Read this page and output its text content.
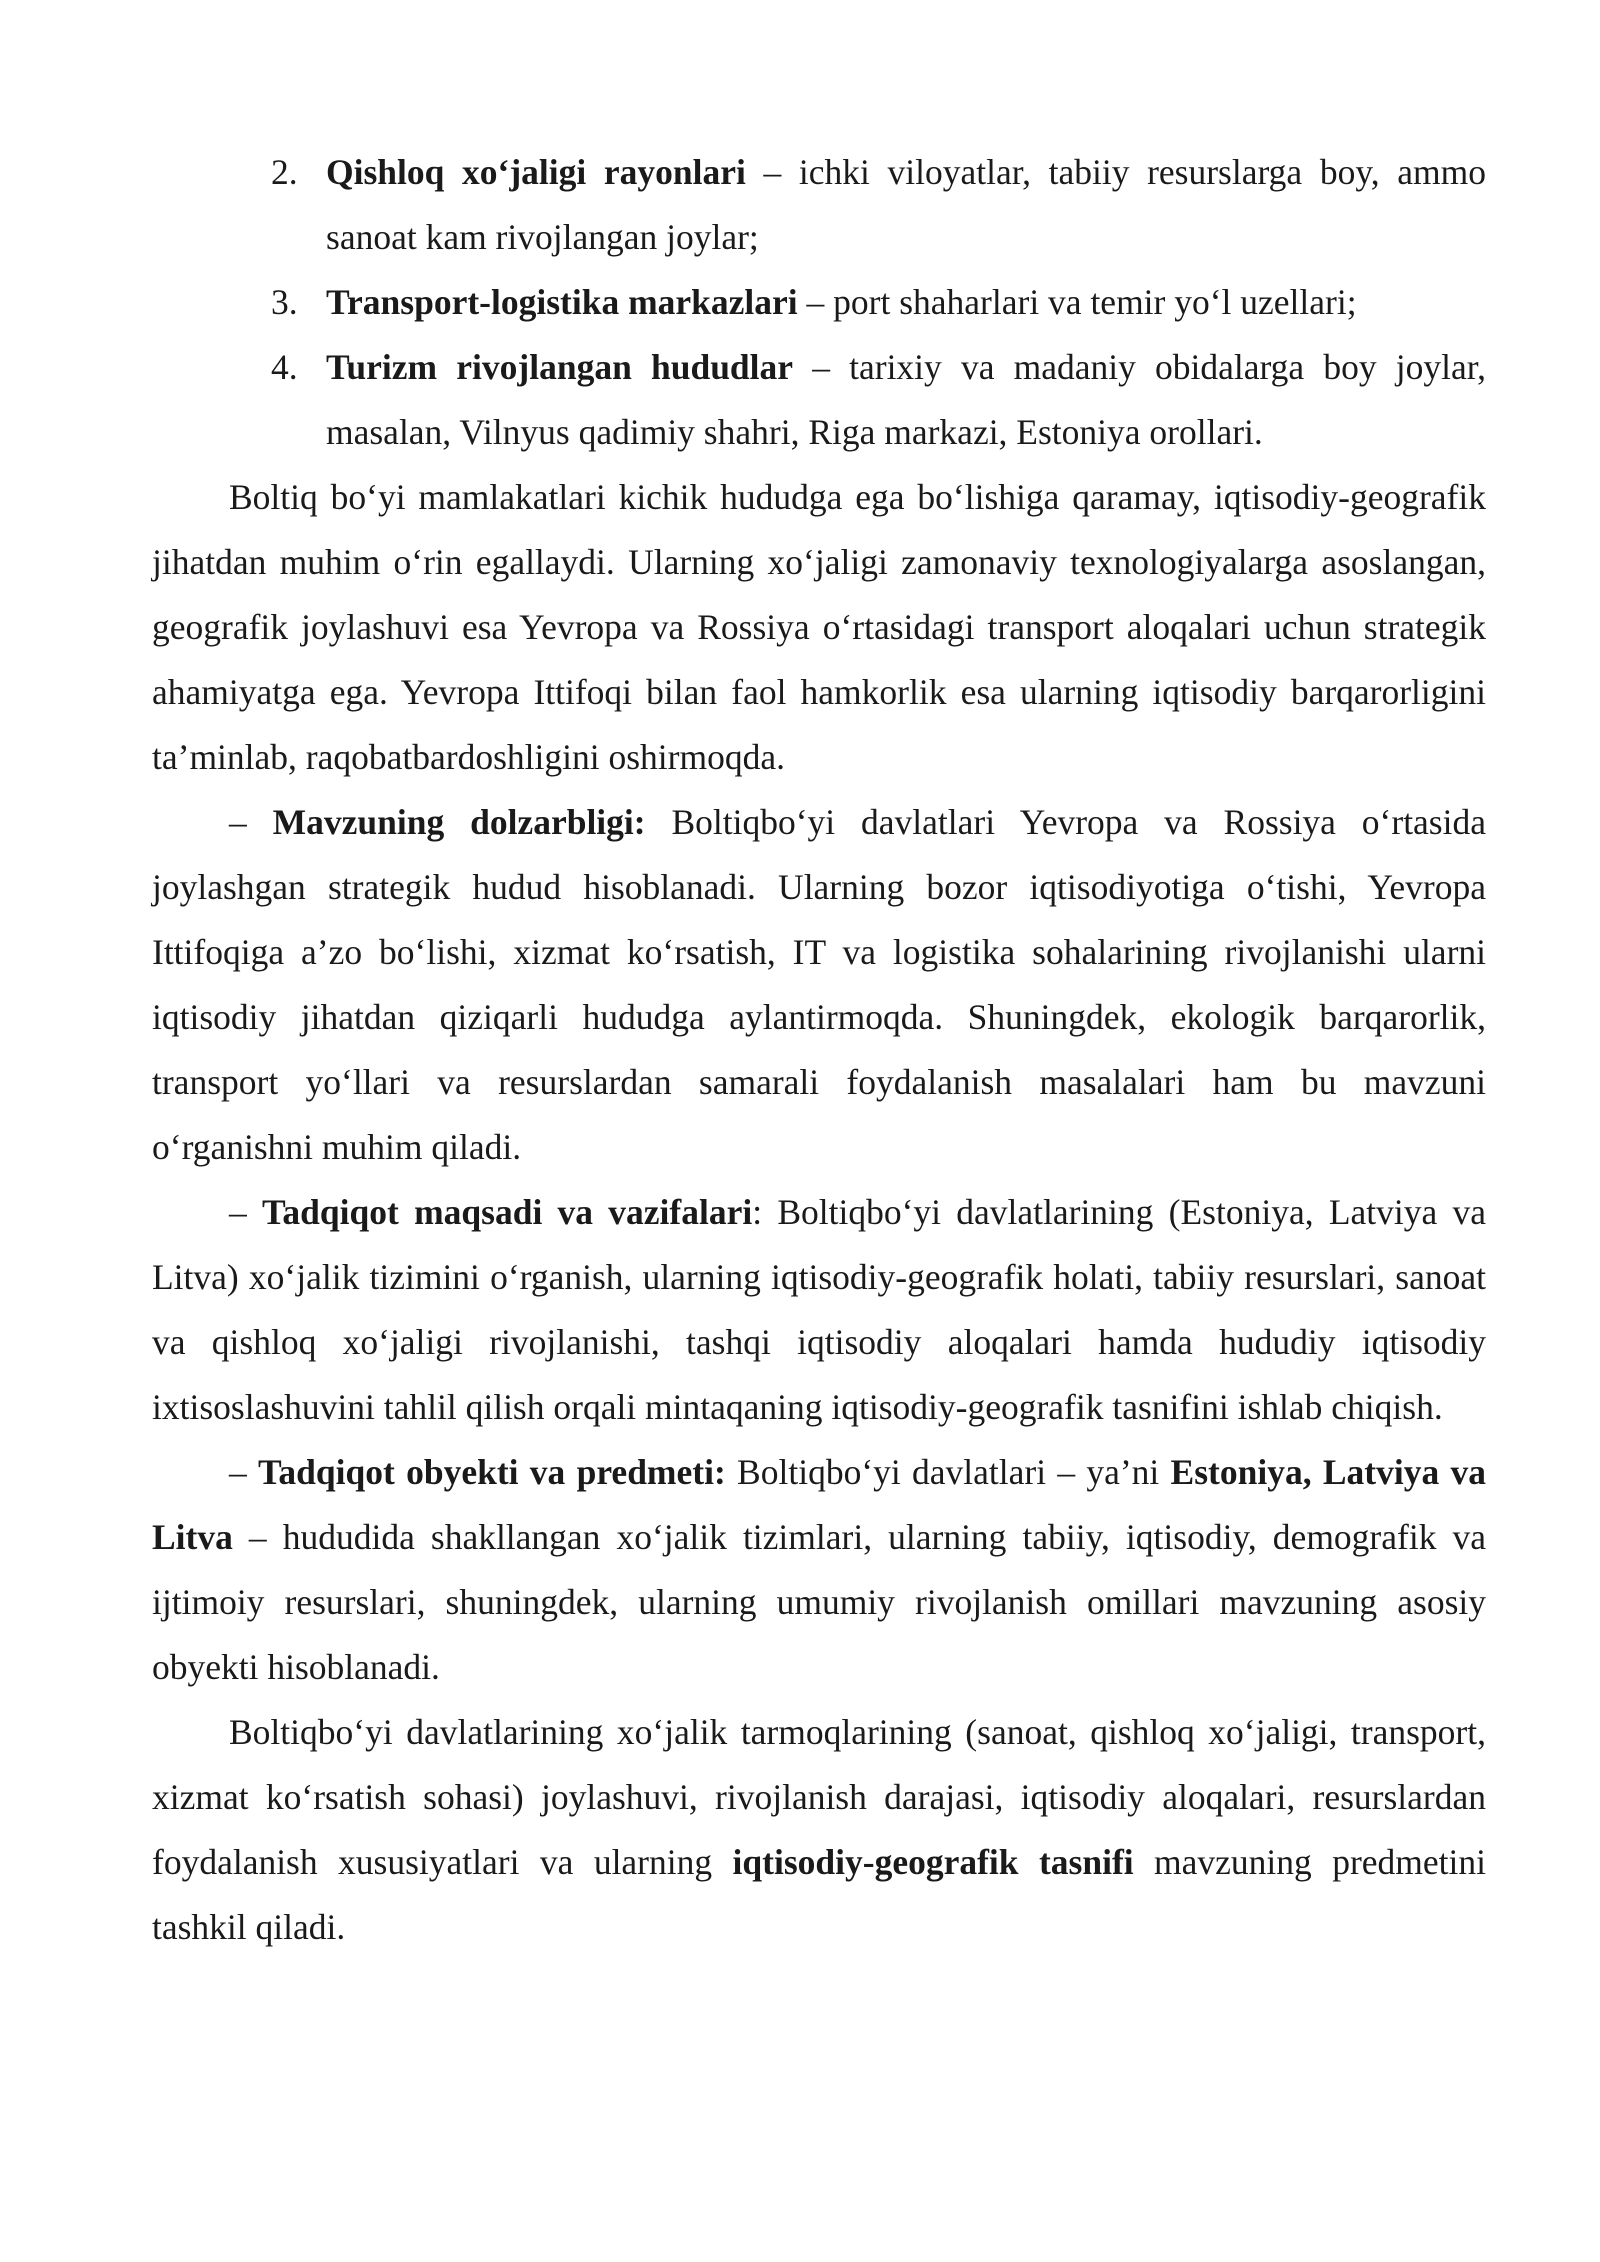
2. Qishloq xo‘jaligi rayonlari – ichki viloyatlar, tabiiy resurslarga boy, ammo sanoat kam rivojlangan joylar;
3. Transport-logistika markazlari – port shaharlari va temir yo‘l uzellari;
4. Turizm rivojlangan hududlar – tarixiy va madaniy obidalarga boy joylar, masalan, Vilnyus qadimiy shahri, Riga markazi, Estoniya orollari.

Boltiq bo‘yi mamlakatlari kichik hududga ega bo‘lishiga qaramay, iqtisodiy-geografik jihatdan muhim o‘rin egallaydi. Ularning xo‘jaligi zamonaviy texnologiyalarga asoslangan, geografik joylashuvi esa Yevropa va Rossiya o‘rtasidagi transport aloqalari uchun strategik ahamiyatga ega. Yevropa Ittifoqi bilan faol hamkorlik esa ularning iqtisodiy barqarorligini ta’minlab, raqobatbardoshligini oshirmoqda.

– Mavzuning dolzarbligi: Boltiqbo‘yi davlatlari Yevropa va Rossiya o‘rtasida joylashgan strategik hudud hisoblanadi. Ularning bozor iqtisodiyotiga o‘tishi, Yevropa Ittifoqiga a’zo bo‘lishi, xizmat ko‘rsatish, IT va logistika sohalarining rivojlanishi ularni iqtisodiy jihatdan qiziqarli hududga aylantirmoqda. Shuningdek, ekologik barqarorlik, transport yo‘llari va resurslardan samarali foydalanish masalalari ham bu mavzuni o‘rganishni muhim qiladi.

– Tadqiqot maqsadi va vazifalari: Boltiqbo‘yi davlatlarining (Estoniya, Latviya va Litva) xo‘jalik tizimini o‘rganish, ularning iqtisodiy-geografik holati, tabiiy resurslari, sanoat va qishloq xo‘jaligi rivojlanishi, tashqi iqtisodiy aloqalari hamda hududiy iqtisodiy ixtisoslashuvini tahlil qilish orqali mintaqaning iqtisodiy-geografik tasnifini ishlab chiqish.

– Tadqiqot obyekti va predmeti: Boltiqbo‘yi davlatlari – ya’ni Estoniya, Latviya va Litva – hududida shakllangan xo‘jalik tizimlari, ularning tabiiy, iqtisodiy, demografik va ijtimoiy resurslari, shuningdek, ularning umumiy rivojlanish omillari mavzuning asosiy obyekti hisoblanadi.

Boltiqbo‘yi davlatlarining xo‘jalik tarmoqlarining (sanoat, qishloq xo‘jaligi, transport, xizmat ko‘rsatish sohasi) joylashuvi, rivojlanish darajasi, iqtisodiy aloqalari, resurslardan foydalanish xususiyatlari va ularning iqtisodiy-geografik tasnifi mavzuning predmetini tashkil qiladi.
